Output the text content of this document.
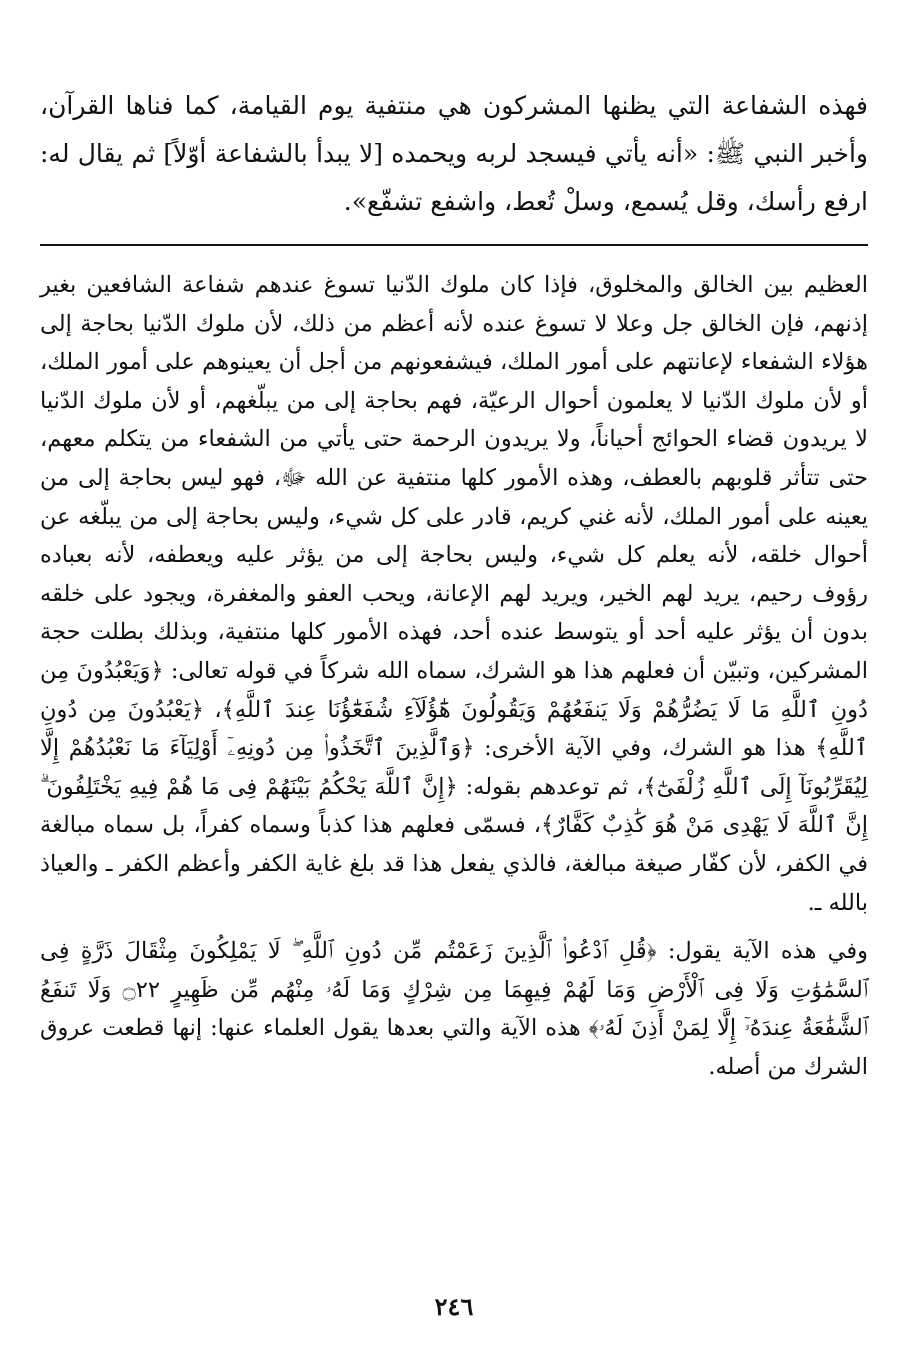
فهذه الشفاعة التي يظنها المشركون هي منتفية يوم القيامة، كما فناها القرآن، وأخبر النبي ﷺ: «أنه يأتي فيسجد لربه ويحمده [لا يبدأ بالشفاعة أوّلاً] ثم يقال له: ارفع رأسك، وقل يُسمع، وسلْ تُعط، واشفع تشفّع».

العظيم بين الخالق والمخلوق، فإذا كان ملوك الدّنيا تسوغ عندهم شفاعة الشافعين بغير إذنهم، فإن الخالق جل وعلا لا تسوغ عنده لأنه أعظم من ذلك، لأن ملوك الدّنيا بحاجة إلى هؤلاء الشفعاء لإعانتهم على أمور الملك، فيشفعونهم من أجل أن يعينوهم على أمور الملك، أو لأن ملوك الدّنيا لا يعلمون أحوال الرعيّة، فهم بحاجة إلى من يبلّغهم، أو لأن ملوك الدّنيا لا يريدون قضاء الحوائج أحياناً، ولا يريدون الرحمة حتى يأتي من الشفعاء من يتكلم معهم، حتى تتأثر قلوبهم بالعطف، وهذه الأمور كلها منتفية عن الله ﷻ، فهو ليس بحاجة إلى من يعينه على أمور الملك، لأنه غني كريم، قادر على كل شيء، وليس بحاجة إلى من يبلّغه عن أحوال خلقه، لأنه يعلم كل شيء، وليس بحاجة إلى من يؤثر عليه ويعطفه، لأنه بعباده رؤوف رحيم، يريد لهم الخير، ويريد لهم الإعانة، ويحب العفو والمغفرة، ويجود على خلقه بدون أن يؤثر عليه أحد أو يتوسط عنده أحد، فهذه الأمور كلها منتفية، وبذلك بطلت حجة المشركين، وتبيّن أن فعلهم هذا هو الشرك، سماه الله شركاً في قوله تعالى: ﴿وَيَعْبُدُونَ مِن دُونِ ٱللَّهِ مَا لَا يَضُرُّهُمْ وَلَا يَنفَعُهُمْ وَيَقُولُونَ هَٰٓؤُلَآءِ شُفَعَٰٓؤُنَا عِندَ ٱللَّهِ﴾، ﴿يَعْبُدُونَ مِن دُونِ ٱللَّهِ﴾ هذا هو الشرك، وفي الآية الأخرى: ﴿وَٱلَّذِينَ ٱتَّخَذُوا۟ مِن دُونِهِۦٓ أَوْلِيَآءَ مَا نَعْبُدُهُمْ إِلَّا لِيُقَرِّبُونَآ إِلَى ٱللَّهِ زُلْفَىٰٓ﴾، ثم توعدهم بقوله: ﴿إِنَّ ٱللَّهَ يَحْكُمُ بَيْنَهُمْ فِى مَا هُمْ فِيهِ يَخْتَلِفُونَ ۗ إِنَّ ٱللَّهَ لَا يَهْدِى مَنْ هُوَ كَٰذِبٌ كَفَّارٌ﴾، فسمّى فعلهم هذا كذباً وسماه كفراً، بل سماه مبالغة في الكفر، لأن كفّار صيغة مبالغة، فالذي يفعل هذا قد بلغ غاية الكفر وأعظم الكفر ـ والعياذ بالله ـ.

وفي هذه الآية يقول: ﴿قُلِ ٱدْعُوا۟ ٱلَّذِينَ زَعَمْتُم مِّن دُونِ ٱللَّهِ ۖ لَا يَمْلِكُونَ مِثْقَالَ ذَرَّةٍ فِى ٱلسَّمَٰوَٰتِ وَلَا فِى ٱلْأَرْضِ وَمَا لَهُمْ فِيهِمَا مِن شِرْكٍ وَمَا لَهُۥ مِنْهُم مِّن ظَهِيرٍ ۝٢٢ وَلَا تَنفَعُ ٱلشَّفَٰعَةُ عِندَهُۥٓ إِلَّا لِمَنْ أَذِنَ لَهُۥ﴾ هذه الآية والتي بعدها يقول العلماء عنها: إنها قطعت عروق الشرك من أصله.

٢٤٦
